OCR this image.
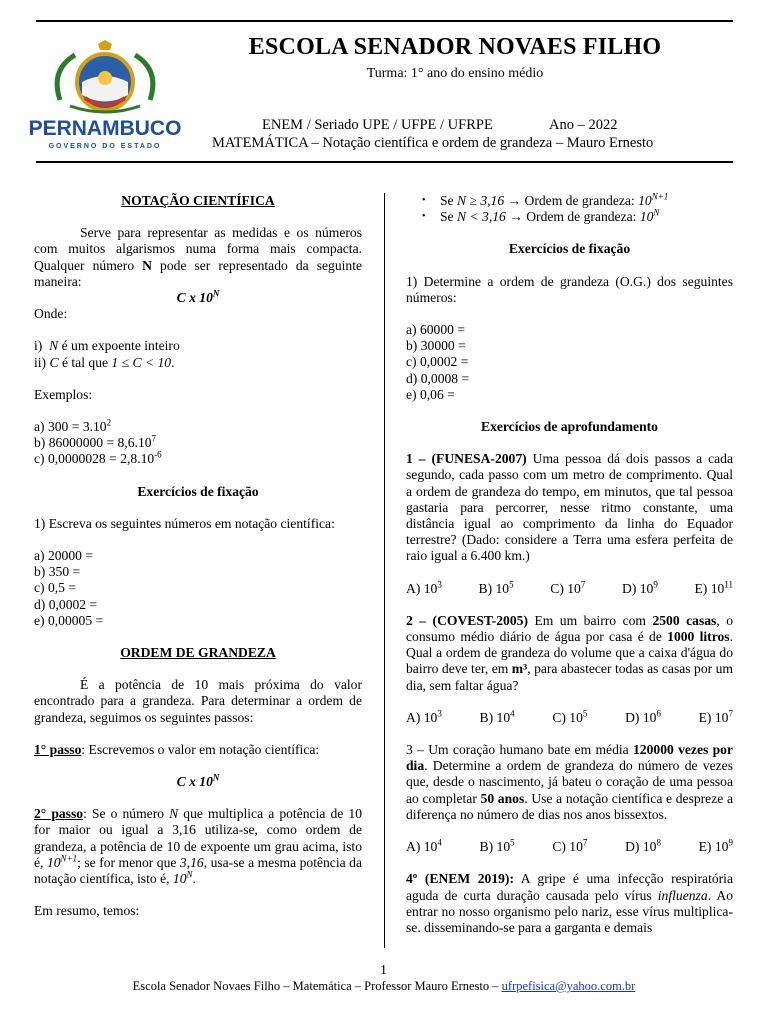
PERNAMBUCO
GOVERNO DO ESTADO
ESCOLA SENADOR NOVAES FILHO
Turma: 1° ano do ensino médio
ENEM / Seriado UPE / UFPE / UFRPE	Ano – 2022
MATEMÁTICA – Notação científica e ordem de grandeza – Mauro Ernesto

NOTAÇÃO CIENTÍFICA

Serve para representar as medidas e os números com muitos algarismos numa forma mais compacta. Qualquer número N pode ser representado da seguinte maneira:

C x $10^N$

Onde:

i) N é um expoente inteiro

ii) C é tal que 1 ≤ C < 10.

Exemplos:

a) $300 = 3.10^2$

b) $86000000 = 8,6.10^7$

c) $0,0000028 = 2,8.10^{-6}$

Exercícios de fixação

1) Escreva os seguintes números em notação científica:

a) 20000 =

b) 350 =

c) 0,5 =

d) 0,0002 =

e) 0,00005 =

ORDEM DE GRANDEZA

É a potência de 10 mais próxima do valor encontrado para a grandeza. Para determinar a ordem de grandeza, seguimos os seguintes passos:

1° passo: Escrevemos o valor em notação científica:

C x $10^N$

2° passo: Se o número N que multiplica a potência de 10 for maior ou igual a 3,16 utiliza-se, como ordem de grandeza, a potência de 10 de expoente um grau acima, isto é, $10^{N+1}$; se for menor que 3,16, usa-se a mesma potência da notação científica, isto é, $10^N$.

Em resumo, temos:

•	Se N ≥ 3,16 → Ordem de grandeza: $10^{N+1}$
•	Se N < 3,16 → Ordem de grandeza: $10^N$

Exercícios de fixação

1) Determine a ordem de grandeza (O.G.) dos seguintes números:

a) 60000 =

b) 30000 =

c) 0,0002 =

d) 0,0008 =

e) 0,06 =

Exercícios de aprofundamento

1 – (FUNESA-2007) Uma pessoa dá dois passos a cada segundo, cada passo com um metro de comprimento. Qual a ordem de grandeza do tempo, em minutos, que tal pessoa gastaria para percorrer, nesse ritmo constante, uma distância igual ao comprimento da linha do Equador terrestre? (Dado: considere a Terra uma esfera perfeita de raio igual a 6.400 km.)

A) $10^3$	B) $10^5$	C) $10^7$	D) $10^9$	E) $10^{11}$

2 – (COVEST-2005) Em um bairro com 2500 casas, o consumo médio diário de água por casa é de 1000 litros. Qual a ordem de grandeza do volume que a caixa d'água do bairro deve ter, em m³, para abastecer todas as casas por um dia, sem faltar água?

A) $10^3$	B) $10^4$	C) $10^5$	D) $10^6$	E) $10^7$

3 – Um coração humano bate em média 120000 vezes por dia. Determine a ordem de grandeza do número de vezes que, desde o nascimento, já bateu o coração de uma pessoa ao completar 50 anos. Use a notação científica e despreze a diferença no número de dias nos anos bissextos.

A) $10^4$	B) $10^5$	C) $10^7$	D) $10^8$	E) $10^9$

4º (ENEM 2019): A gripe é uma infecção respiratória aguda de curta duração causada pelo vírus influenza. Ao entrar no nosso organismo pelo nariz, esse vírus multiplica-se. disseminando-se para a garganta e demais

1
Escola Senador Novaes Filho – Matemática – Professor Mauro Ernesto – ufrpefisica@yahoo.com.br
